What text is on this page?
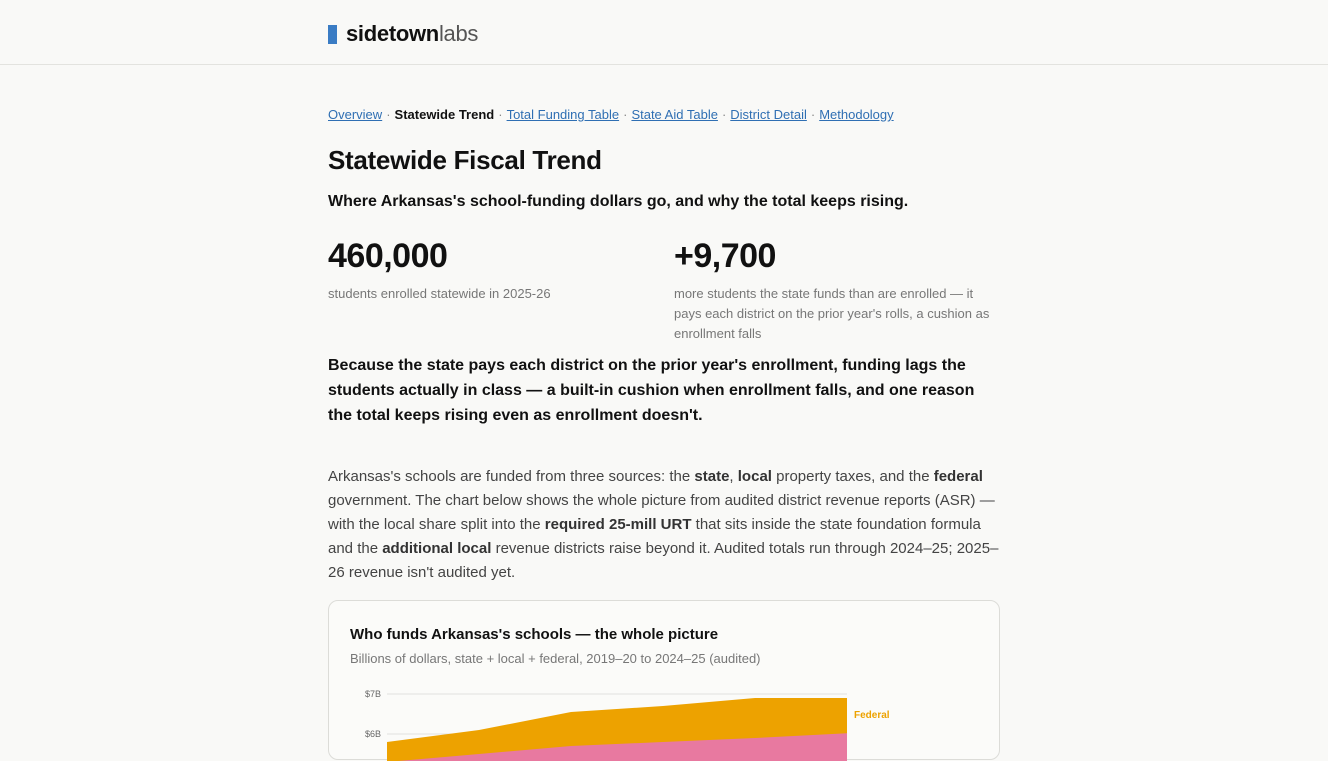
sidetownlabs
Overview · Statewide Trend · Total Funding Table · State Aid Table · District Detail · Methodology
Statewide Fiscal Trend

Where Arkansas's school-funding dollars go, and why the total keeps rising.

460,000
students enrolled statewide in 2025-26
+9,700
more students the state funds than are enrolled — it pays each district on the prior year's rolls, a cushion as enrollment falls

Because the state pays each district on the prior year's enrollment, funding lags the students actually in class — a built-in cushion when enrollment falls, and one reason the total keeps rising even as enrollment doesn't.

Arkansas's schools are funded from three sources: the state, local property taxes, and the federal government. The chart below shows the whole picture from audited district revenue reports (ASR) — with the local share split into the required 25-mill URT that sits inside the state foundation formula and the additional local revenue districts raise beyond it. Audited totals run through 2024–25; 2025–26 revenue isn't audited yet.

Who funds Arkansas's schools — the whole picture
Billions of dollars, state + local + federal, 2019–20 to 2024–25 (audited)
$7B
$6B
Federal
